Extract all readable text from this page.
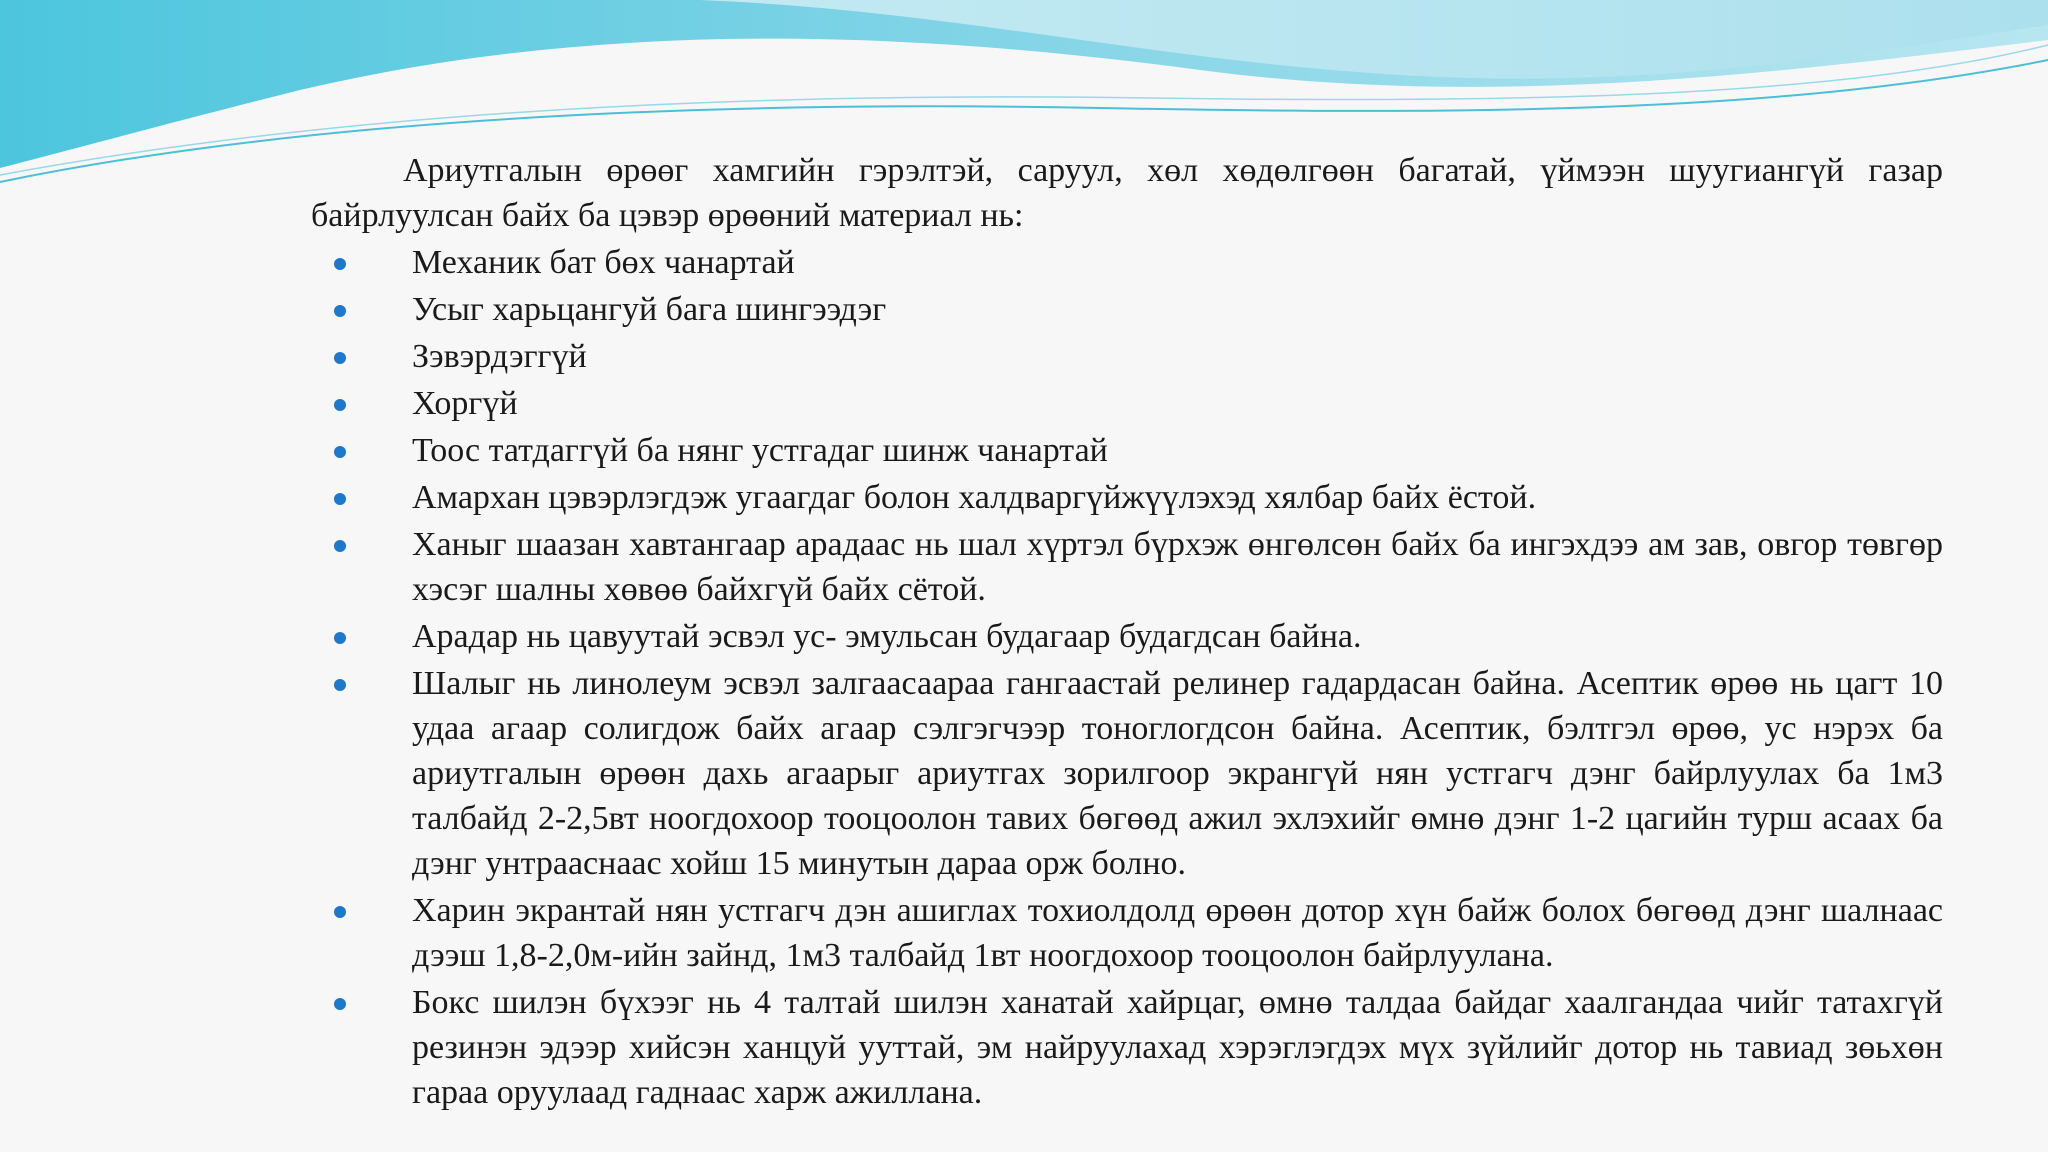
Ариутгалын өрөөг хамгийн гэрэлтэй, саруул, хөл хөдөлгөөн багатай, үймээн шуугиангүй газар байрлуулсан байх ба цэвэр өрөөний материал нь:

Механик бат бөх чанартай
Усыг харьцангуй бага шингээдэг
Зэвэрдэггүй
Хоргүй
Тоос татдаггүй ба нянг устгадаг шинж чанартай
Амархан цэвэрлэгдэж угаагдаг болон халдваргүйжүүлэхэд хялбар байх ёстой.
Ханыг шаазан хавтангаар арадаас нь шал хүртэл бүрхэж өнгөлсөн байх ба ингэхдээ ам зав, овгор төвгөр хэсэг шалны хөвөө байхгүй байх сётой.
Арадар нь цавуутай эсвэл ус- эмульсан будагаар будагдсан байна.
Шалыг нь линолеум эсвэл залгаасаараа гангаастай релинер гадардасан байна. Асептик өрөө нь цагт 10 удаа агаар солигдож байх агаар сэлгэгчээр тоноглогдсон байна. Асептик, бэлтгэл өрөө, ус нэрэх ба ариутгалын өрөөн дахь агаарыг ариутгах зорилгоор экрангүй нян устгагч дэнг байрлуулах ба 1м3 талбайд 2-2,5вт ноогдохоор тооцоолон тавих бөгөөд ажил эхлэхийг өмнө дэнг 1-2 цагийн турш асаах ба дэнг унтраасн​аас хойш 15 минутын дараа орж болно.
Харин экрантай нян устгагч дэн ашиглах тохиолдолд өрөөн дотор хүн байж болох бөгөөд дэнг шалнаас дээш 1,8-2,0м-ийн зайнд, 1м3 талбайд 1вт ноогдохоор тооцоолон байрлуулана.
Бокс шилэн бүхээг нь 4 талтай шилэн ханатай хайрцаг, өмнө талдаа байдаг хаалгандаа чийг татахгүй резинэн эдээр хийсэн ханцуй ууттай, эм найруулахад хэрэглэгдэх мүх зүйлийг дотор нь тавиад зөьхөн гараа оруулаад гаднаас харж ажиллана.
